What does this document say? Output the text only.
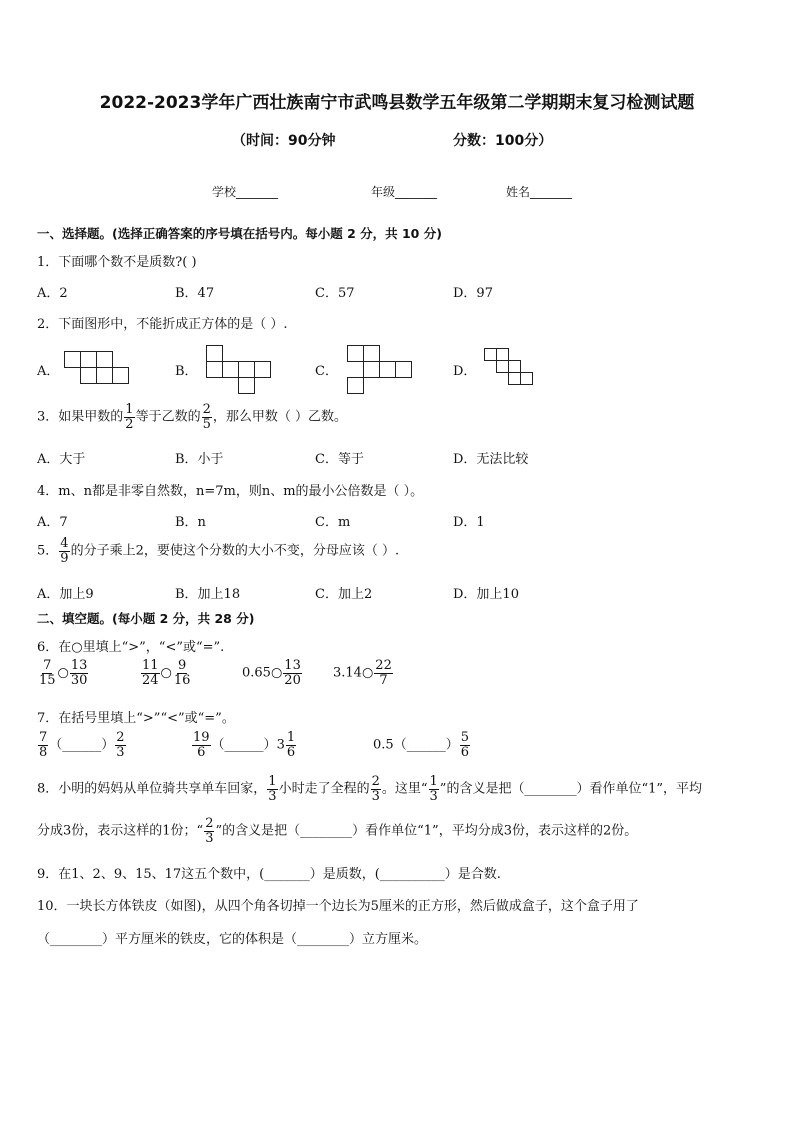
2022-2023学年广西壮族南宁市武鸣县数学五年级第二学期期末复习检测试题
（时间：90分钟	分数：100分）
学校_______	年级_______	姓名_______
一、选择题。(选择正确答案的序号填在括号内。每小题 2 分，共 10 分)
1．下面哪个数不是质数?( )
A．2	B．47	C．57	D．97
2．下面图形中，不能折成正方体的是（ ）.
A．	B．	C．	D．
3．如果甲数的 $\frac{1}{2}$ 等于乙数的 $\frac{2}{5}$ ，那么甲数（ ）乙数。
A．大于	B．小于	C．等于	D．无法比较
4．m、n都是非零自然数，n=7m，则n、m的最小公倍数是（ ）。
A．7	B．n	C．m	D．1
5． $\frac{4}{9}$ 的分子乘上2，要使这个分数的大小不变，分母应该（ ）.
A．加上9	B．加上18	C．加上2	D．加上10
二、填空题。(每小题 2 分，共 28 分)
6．在○里填上“>”，“<”或“=”.
$\frac{7}{15}$ ○ $\frac{13}{30}$	$\frac{11}{24}$ ○ $\frac{9}{16}$	0.65○ $\frac{13}{20}$ 3.14○ $\frac{22}{7}$
7．在括号里填上“>”“<”或“=”。
$\frac{7}{8}$ （______） $\frac{2}{3}$	$\frac{19}{6}$ （______）3 $\frac{1}{6}$	0.5（______） $\frac{5}{6}$
8．小明的妈妈从单位骑共享单车回家， $\frac{1}{3}$ 小时走了全程的 $\frac{2}{3}$ 。这里“ $\frac{1}{3}$ ”的含义是把（________）看作单位“1”，平均
分成3份，表示这样的1份；“ $\frac{2}{3}$ ”的含义是把（________）看作单位“1”，平均分成3份，表示这样的2份。
9．在1、2、9、15、17这五个数中，(_______）是质数，(__________）是合数.
10．一块长方体铁皮（如图)，从四个角各切掉一个边长为5厘米的正方形，然后做成盒子，这个盒子用了
（________）平方厘米的铁皮，它的体积是（________）立方厘米。
